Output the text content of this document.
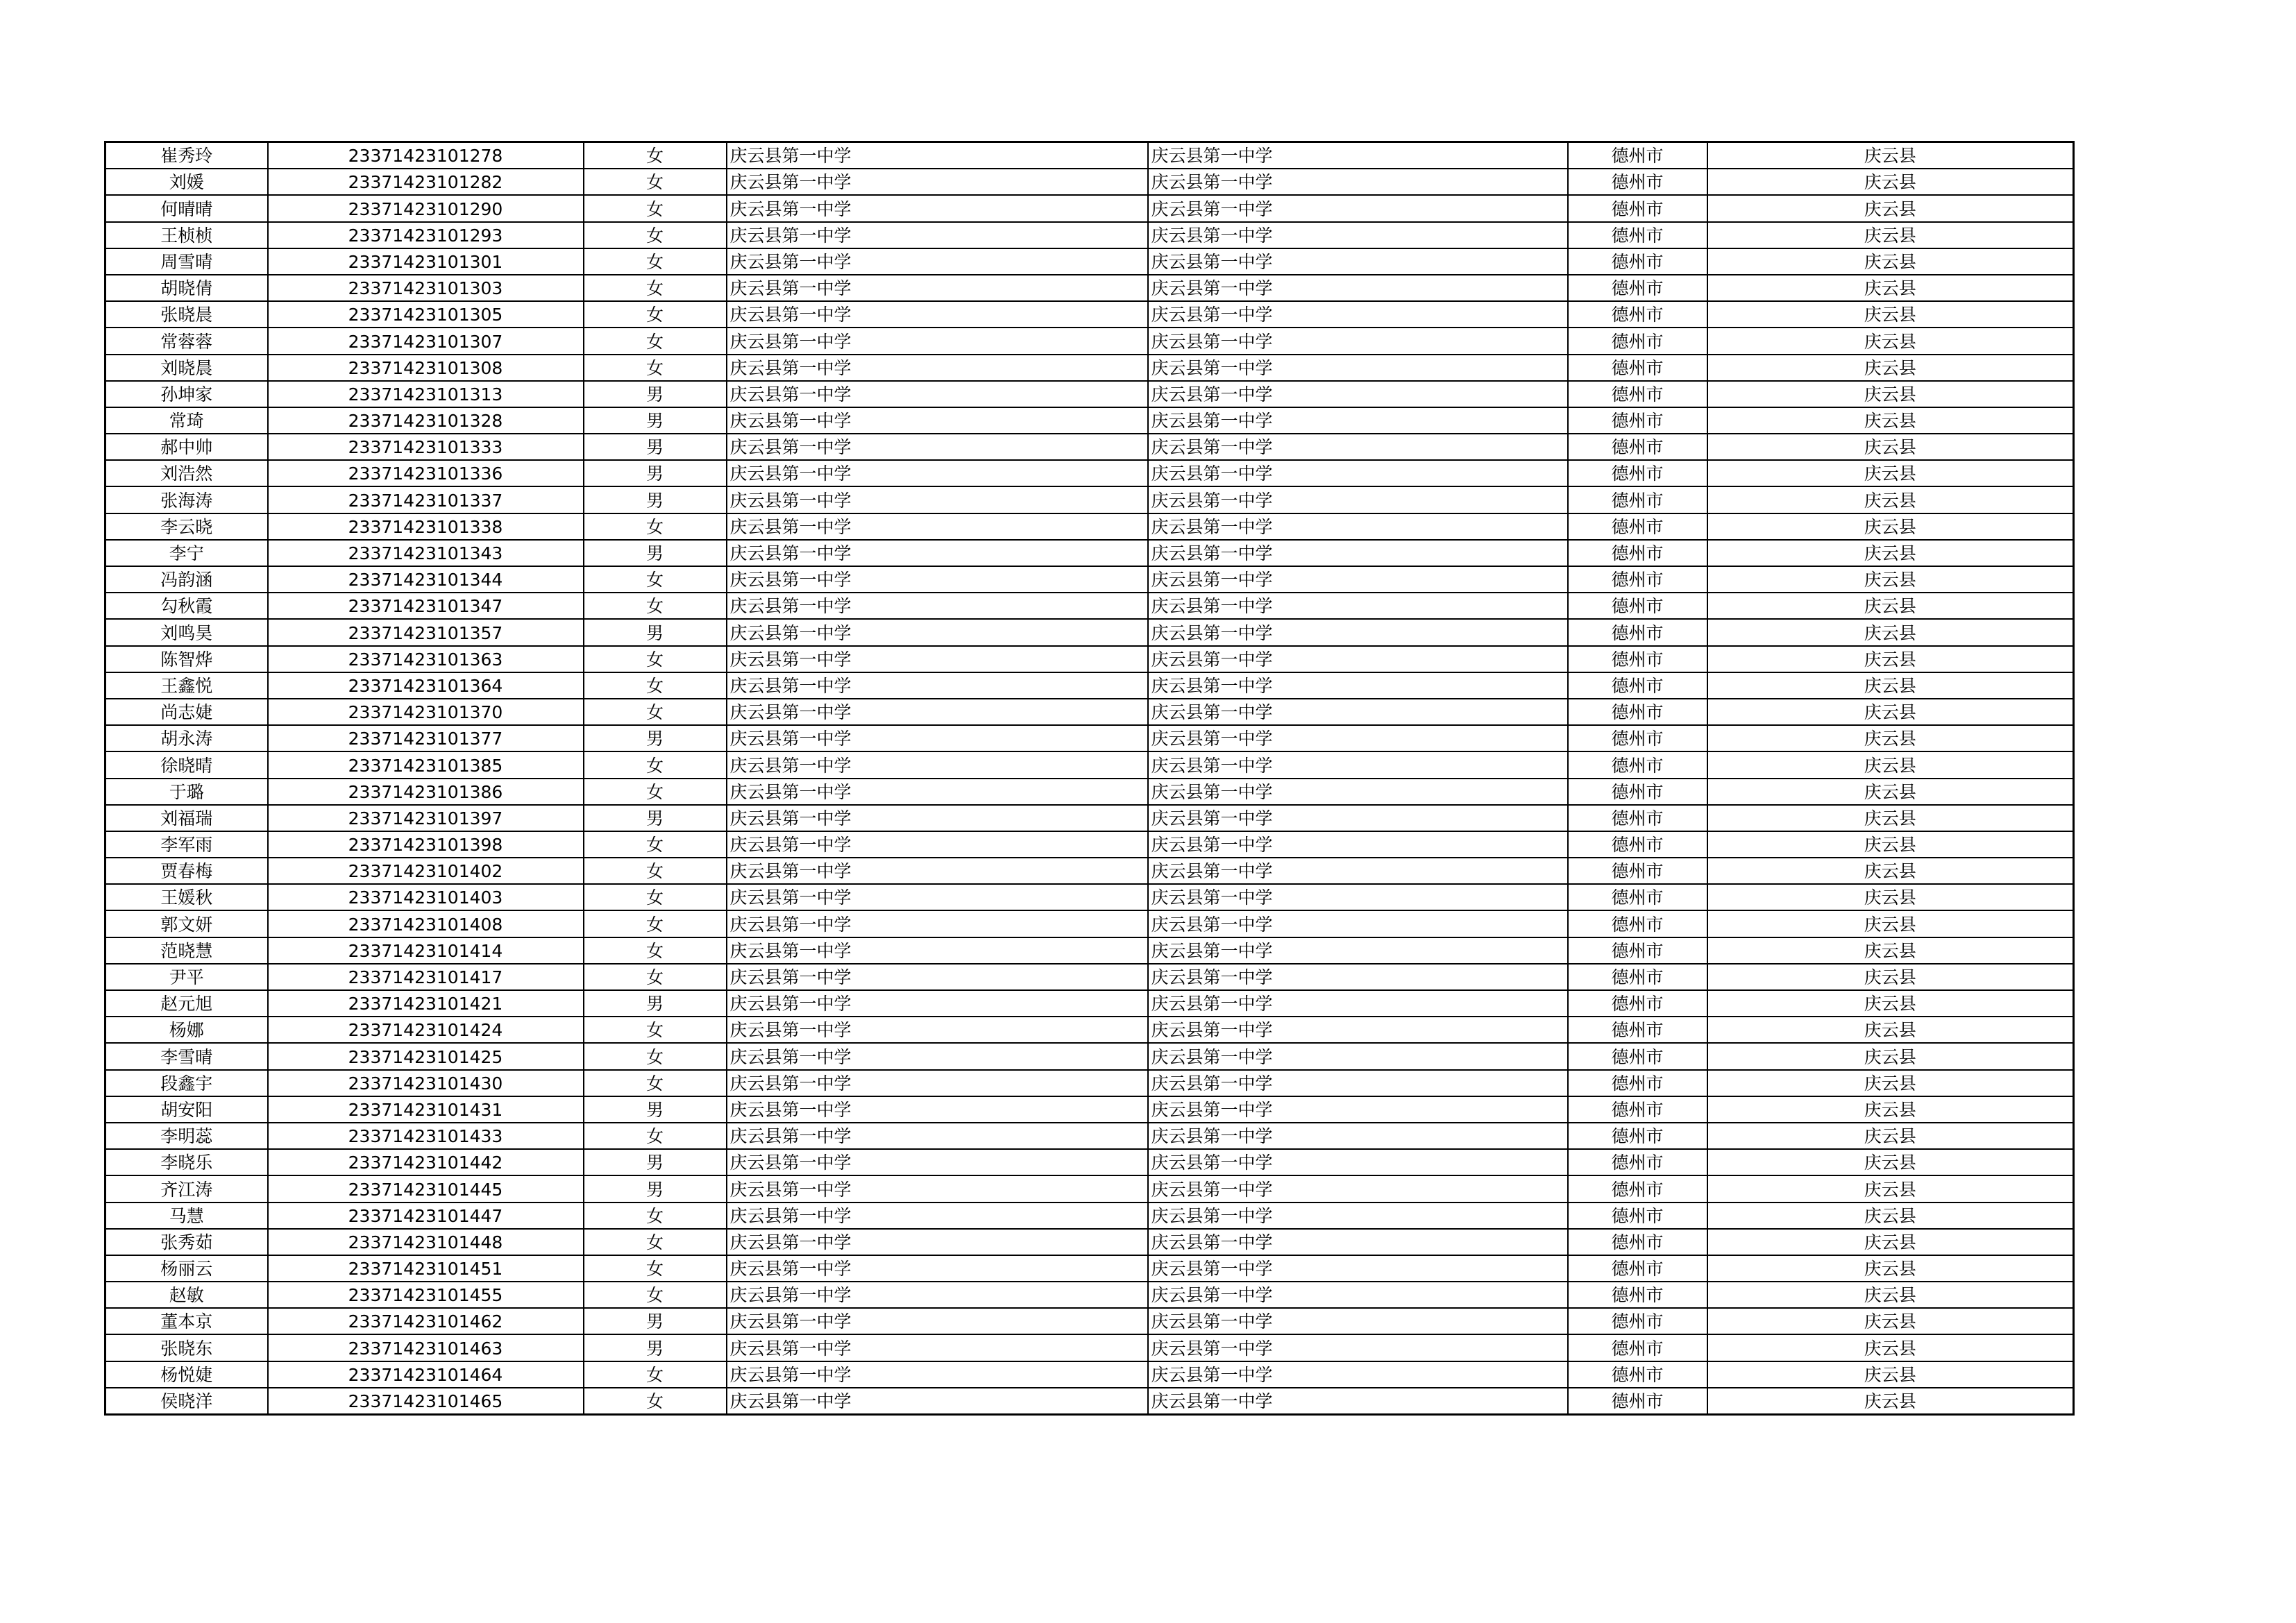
崔秀玲	23371423101278	女	庆云县第一中学	庆云县第一中学	德州市	庆云县
刘媛	23371423101282	女	庆云县第一中学	庆云县第一中学	德州市	庆云县
何晴晴	23371423101290	女	庆云县第一中学	庆云县第一中学	德州市	庆云县
王桢桢	23371423101293	女	庆云县第一中学	庆云县第一中学	德州市	庆云县
周雪晴	23371423101301	女	庆云县第一中学	庆云县第一中学	德州市	庆云县
胡晓倩	23371423101303	女	庆云县第一中学	庆云县第一中学	德州市	庆云县
张晓晨	23371423101305	女	庆云县第一中学	庆云县第一中学	德州市	庆云县
常蓉蓉	23371423101307	女	庆云县第一中学	庆云县第一中学	德州市	庆云县
刘晓晨	23371423101308	女	庆云县第一中学	庆云县第一中学	德州市	庆云县
孙坤家	23371423101313	男	庆云县第一中学	庆云县第一中学	德州市	庆云县
常琦	23371423101328	男	庆云县第一中学	庆云县第一中学	德州市	庆云县
郝中帅	23371423101333	男	庆云县第一中学	庆云县第一中学	德州市	庆云县
刘浩然	23371423101336	男	庆云县第一中学	庆云县第一中学	德州市	庆云县
张海涛	23371423101337	男	庆云县第一中学	庆云县第一中学	德州市	庆云县
李云晓	23371423101338	女	庆云县第一中学	庆云县第一中学	德州市	庆云县
李宁	23371423101343	男	庆云县第一中学	庆云县第一中学	德州市	庆云县
冯韵涵	23371423101344	女	庆云县第一中学	庆云县第一中学	德州市	庆云县
勾秋霞	23371423101347	女	庆云县第一中学	庆云县第一中学	德州市	庆云县
刘鸣昊	23371423101357	男	庆云县第一中学	庆云县第一中学	德州市	庆云县
陈智烨	23371423101363	女	庆云县第一中学	庆云县第一中学	德州市	庆云县
王鑫悦	23371423101364	女	庆云县第一中学	庆云县第一中学	德州市	庆云县
尚志婕	23371423101370	女	庆云县第一中学	庆云县第一中学	德州市	庆云县
胡永涛	23371423101377	男	庆云县第一中学	庆云县第一中学	德州市	庆云县
徐晓晴	23371423101385	女	庆云县第一中学	庆云县第一中学	德州市	庆云县
于璐	23371423101386	女	庆云县第一中学	庆云县第一中学	德州市	庆云县
刘福瑞	23371423101397	男	庆云县第一中学	庆云县第一中学	德州市	庆云县
李军雨	23371423101398	女	庆云县第一中学	庆云县第一中学	德州市	庆云县
贾春梅	23371423101402	女	庆云县第一中学	庆云县第一中学	德州市	庆云县
王媛秋	23371423101403	女	庆云县第一中学	庆云县第一中学	德州市	庆云县
郭文妍	23371423101408	女	庆云县第一中学	庆云县第一中学	德州市	庆云县
范晓慧	23371423101414	女	庆云县第一中学	庆云县第一中学	德州市	庆云县
尹平	23371423101417	女	庆云县第一中学	庆云县第一中学	德州市	庆云县
赵元旭	23371423101421	男	庆云县第一中学	庆云县第一中学	德州市	庆云县
杨娜	23371423101424	女	庆云县第一中学	庆云县第一中学	德州市	庆云县
李雪晴	23371423101425	女	庆云县第一中学	庆云县第一中学	德州市	庆云县
段鑫宇	23371423101430	女	庆云县第一中学	庆云县第一中学	德州市	庆云县
胡安阳	23371423101431	男	庆云县第一中学	庆云县第一中学	德州市	庆云县
李明蕊	23371423101433	女	庆云县第一中学	庆云县第一中学	德州市	庆云县
李晓乐	23371423101442	男	庆云县第一中学	庆云县第一中学	德州市	庆云县
齐江涛	23371423101445	男	庆云县第一中学	庆云县第一中学	德州市	庆云县
马慧	23371423101447	女	庆云县第一中学	庆云县第一中学	德州市	庆云县
张秀茹	23371423101448	女	庆云县第一中学	庆云县第一中学	德州市	庆云县
杨丽云	23371423101451	女	庆云县第一中学	庆云县第一中学	德州市	庆云县
赵敏	23371423101455	女	庆云县第一中学	庆云县第一中学	德州市	庆云县
董本京	23371423101462	男	庆云县第一中学	庆云县第一中学	德州市	庆云县
张晓东	23371423101463	男	庆云县第一中学	庆云县第一中学	德州市	庆云县
杨悦婕	23371423101464	女	庆云县第一中学	庆云县第一中学	德州市	庆云县
侯晓洋	23371423101465	女	庆云县第一中学	庆云县第一中学	德州市	庆云县
